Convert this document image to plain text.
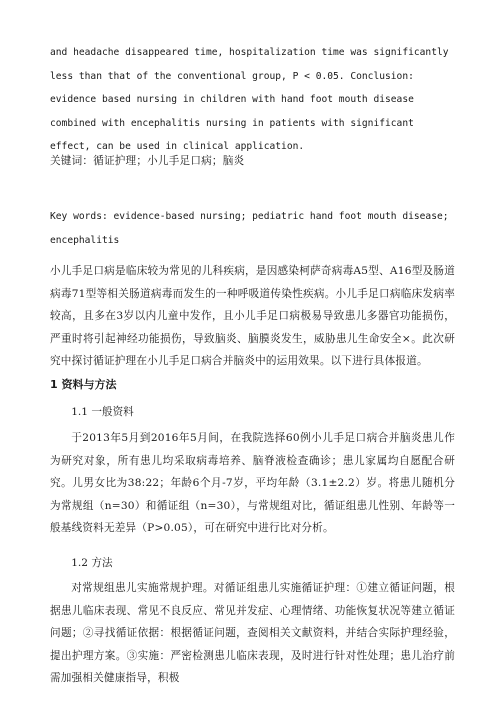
and headache disappeared time, hospitalization time was significantly less than that of the conventional group, P < 0.05. Conclusion: evidence based nursing in children with hand foot mouth disease combined with encephalitis nursing in patients with significant effect, can be used in clinical application.

关键词：循证护理；小儿手足口病；脑炎

Key words: evidence-based nursing; pediatric hand foot mouth disease; encephalitis

小儿手足口病是临床较为常见的儿科疾病，是因感染柯萨奇病毒A5型、A16型及肠道病毒71型等相关肠道病毒而发生的一种呼吸道传染性疾病。小儿手足口病临床发病率较高，且多在3岁以内儿童中发作，且小儿手足口病极易导致患儿多器官功能损伤，严重时将引起神经功能损伤，导致脑炎、脑膜炎发生，威胁患儿生命安全×。此次研究中探讨循证护理在小儿手足口病合并脑炎中的运用效果。以下进行具体报道。

1 资料与方法

1.1 一般资料

于2013年5月到2016年5月间，在我院选择60例小儿手足口病合并脑炎患儿作为研究对象，所有患儿均采取病毒培养、脑脊液检查确诊；患儿家属均自愿配合研究。儿男女比为38:22；年龄6个月-7岁，平均年龄（3.1±2.2）岁。将患儿随机分为常规组（n=30）和循证组（n=30），与常规组对比，循证组患儿性别、年龄等一般基线资料无差异（P>0.05），可在研究中进行比对分析。

1.2 方法

对常规组患儿实施常规护理。对循证组患儿实施循证护理：①建立循证问题，根据患儿临床表现、常见不良反应、常见并发症、心理情绪、功能恢复状况等建立循证问题；②寻找循证依据：根据循证问题，查阅相关文献资料，并结合实际护理经验，提出护理方案。③实施：严密检测患儿临床表现，及时进行针对性处理；患儿治疗前需加强相关健康指导，积极
